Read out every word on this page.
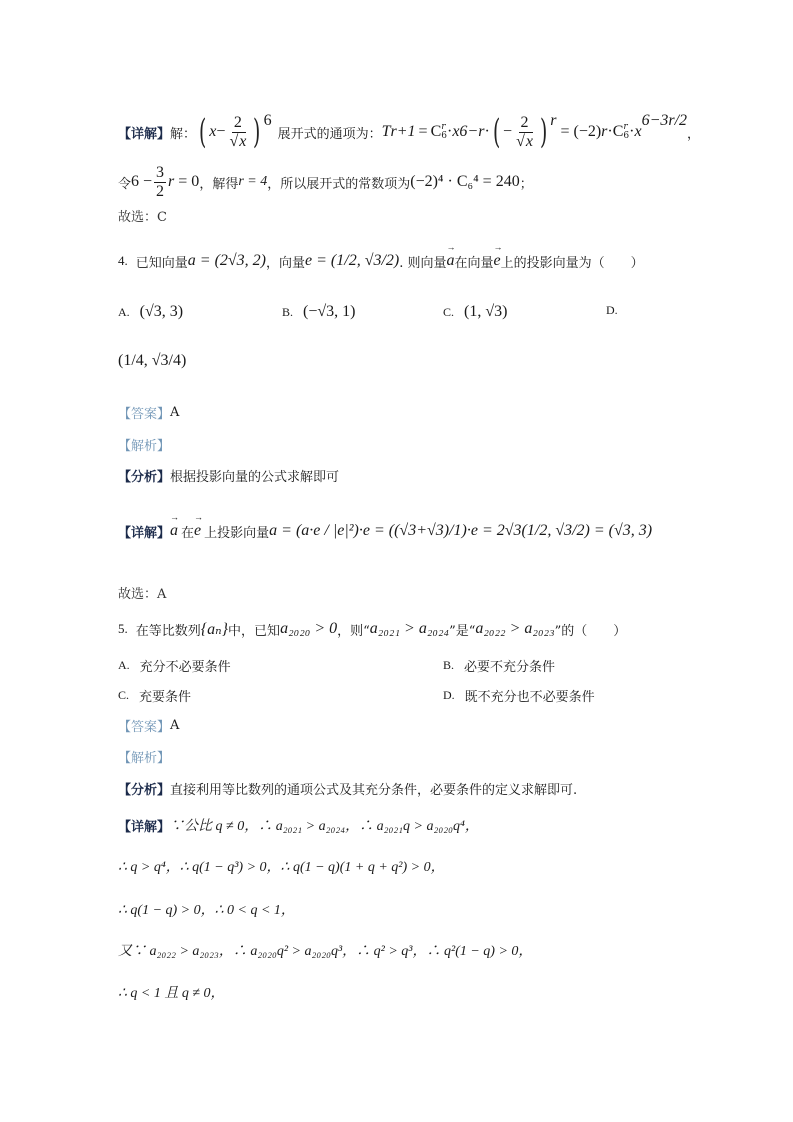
【详解】 解： ( $x - \frac{2}{√x}$ ) 6
展开式的通项为： T r+1 = C r
6 · x 6−r · ( − $\frac{2}{√x}$ ) r
= (−2) r ·C r
6 · x
6−3r/2
，
令 $6 - \frac{3}{2}$ r = 0 ，解得 r = 4 ，所以展开式的常数项为 (−2)⁴ · C₆⁴ = 240 ；
故选：C
4. 已知向量 a = (2√3, 2) ，向量 e = (1/2, √3/2) . 则向量 → a 在向量 → e 上的投影向量为（　　）
A. (√3, 3)	B. (−√3, 1)	C. (1, √3)	D.
(1/4, √3/4)
【答案】 A
【解析】
【分析】 根据投影向量的公式求解即可
【详解】 → a 在 → e 上投影向量 a = (a·e / |e|²)·e = ((√3+√3)/1)·e = 2√3(1/2, √3/2) = (√3, 3)
故选：A
5. 在等比数列 {aₙ} 中，已知 a₂₀₂₀ > 0 ，则“ a₂₀₂₁ > a₂₀₂₄ ”是“ a₂₀₂₂ > a₂₀₂₃ ”的（　　）
A. 充分不必要条件	B. 必要不充分条件
C. 充要条件	D. 既不充分也不必要条件
【答案】 A
【解析】
【分析】 直接利用等比数列的通项公式及其充分条件，必要条件的定义求解即可.
【详解】 ∵公比 q ≠ 0，∴ a₂₀₂₁ > a₂₀₂₄，∴ a₂₀₂₁q > a₂₀₂₀q⁴，
∴ q > q⁴，∴ q(1 − q³) > 0，∴ q(1 − q)(1 + q + q²) > 0，
∴ q(1 − q) > 0，∴ 0 < q < 1，
又∵ a₂₀₂₂ > a₂₀₂₃，∴ a₂₀₂₀q² > a₂₀₂₀q³，∴ q² > q³，∴ q²(1 − q) > 0，
∴ q < 1 且 q ≠ 0，
